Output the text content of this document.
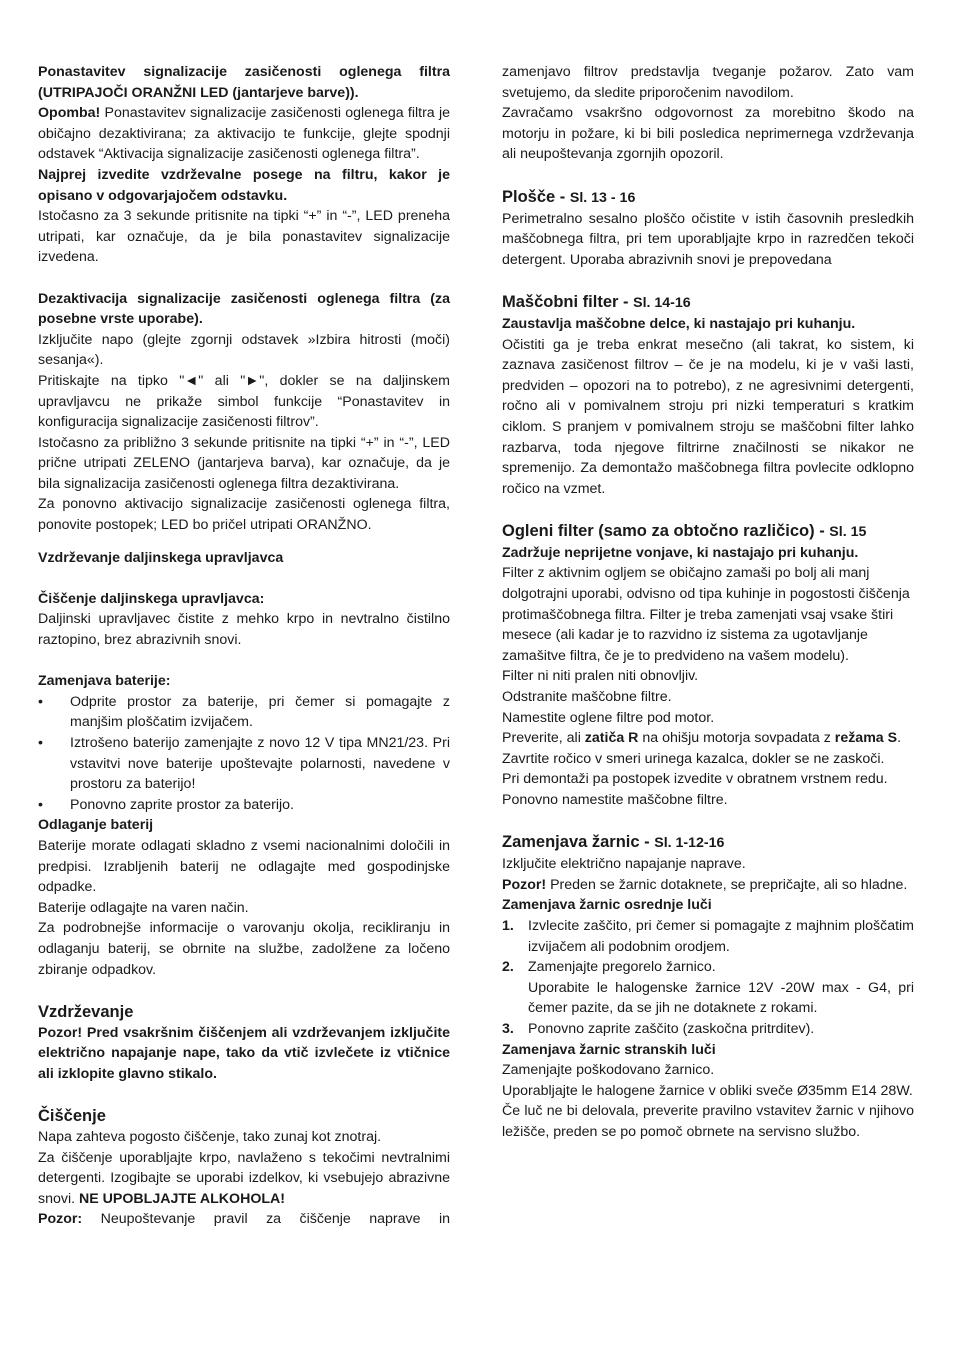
Ponastavitev signalizacije zasičenosti oglenega filtra (UTRIPAJOČI ORANŽNI LED (jantarjeve barve)).

Opomba! Ponastavitev signalizacije zasičenosti oglenega filtra je običajno dezaktivirana; za aktivacijo te funkcije, glejte spodnji odstavek “Aktivacija signalizacije zasičenosti oglenega filtra”.

Najprej izvedite vzdrževalne posege na filtru, kakor je opisano v odgovarjajočem odstavku.

Istočasno za 3 sekunde pritisnite na tipki “+” in “-”, LED preneha utripati, kar označuje, da je bila ponastavitev signalizacije izvedena.

Dezaktivacija signalizacije zasičenosti oglenega filtra (za posebne vrste uporabe).

Izključite napo (glejte zgornji odstavek »Izbira hitrosti (moči) sesanja«).

Pritiskajte na tipko "◄" ali "►", dokler se na daljinskem upravljavcu ne prikaže simbol funkcije “Ponastavitev in konfiguracija signalizacije zasičenosti filtrov”.

Istočasno za približno 3 sekunde pritisnite na tipki “+” in “-”, LED prične utripati ZELENO (jantarjeva barva), kar označuje, da je bila signalizacija zasičenosti oglenega filtra dezaktivirana.

Za ponovno aktivacijo signalizacije zasičenosti oglenega filtra, ponovite postopek; LED bo pričel utripati ORANŽNO.

Vzdrževanje daljinskega upravljavca

Čiščenje daljinskega upravljavca:

Daljinski upravljavec čistite z mehko krpo in nevtralno čistilno raztopino, brez abrazivnih snovi.

Zamenjava baterije:

• Odprite prostor za baterije, pri čemer si pomagajte z manjšim ploščatim izvijačem.
• Iztrošeno baterijo zamenjajte z novo 12 V tipa MN21/23. Pri vstavitvi nove baterije upoštevajte polarnosti, navedene v prostoru za baterijo!
• Ponovno zaprite prostor za baterijo.

Odlaganje baterij

Baterije morate odlagati skladno z vsemi nacionalnimi določili in predpisi. Izrabljenih baterij ne odlagajte med gospodinjske odpadke.

Baterije odlagajte na varen način.

Za podrobnejše informacije o varovanju okolja, recikliranju in odlaganju baterij, se obrnite na službe, zadolžene za ločeno zbiranje odpadkov.

Vzdrževanje

Pozor! Pred vsakršnim čiščenjem ali vzdrževanjem izključite električno napajanje nape, tako da vtič izvlečete iz vtičnice ali izklopite glavno stikalo.

Čiščenje

Napa zahteva pogosto čiščenje, tako zunaj kot znotraj.

Za čiščenje uporabljajte krpo, navlaženo s tekočimi nevtralnimi detergenti. Izogibajte se uporabi izdelkov, ki vsebujejo abrazivne snovi. NE UPOBLJAJTE ALKOHOLA!

Pozor: Neupoštevanje pravil za čiščenje naprave in

zamenjavo filtrov predstavlja tveganje požarov. Zato vam svetujemo, da sledite priporočenim navodilom.

Zavračamo vsakršno odgovornost za morebitno škodo na motorju in požare, ki bi bili posledica neprimernega vzdrževanja ali neupoštevanja zgornjih opozoril.

Plošče - Sl. 13 - 16

Perimetralno sesalno ploščo očistite v istih časovnih presledkih maščobnega filtra, pri tem uporabljajte krpo in razredčen tekoči detergent. Uporaba abrazivnih snovi je prepovedana

Maščobni filter - Sl. 14-16

Zaustavlja maščobne delce, ki nastajajo pri kuhanju.

Očistiti ga je treba enkrat mesečno (ali takrat, ko sistem, ki zaznava zasičenost filtrov – če je na modelu, ki je v vaši lasti, predviden – opozori na to potrebo), z ne agresivnimi detergenti, ročno ali v pomivalnem stroju pri nizki temperaturi s kratkim ciklom. S pranjem v pomivalnem stroju se maščobni filter lahko razbarva, toda njegove filtrirne značilnosti se nikakor ne spremenijo. Za demontažo maščobnega filtra povlecite odklopno ročico na vzmet.

Ogleni filter (samo za obtočno različico) - Sl. 15

Zadržuje neprijetne vonjave, ki nastajajo pri kuhanju.

Filter z aktivnim ogljem se običajno zamaši po bolj ali manj dolgotrajni uporabi, odvisno od tipa kuhinje in pogostosti čiščenja protimaščobnega filtra. Filter je treba zamenjati vsaj vsake štiri mesece (ali kadar je to razvidno iz sistema za ugotavljanje zamašitve filtra, če je to predvideno na vašem modelu).

Filter ni niti pralen niti obnovljiv.

Odstranite maščobne filtre.

Namestite oglene filtre pod motor.

Preverite, ali zatiča R na ohišju motorja sovpadata z režama S. Zavrtite ročico v smeri urinega kazalca, dokler se ne zaskoči.

Pri demontaži pa postopek izvedite v obratnem vrstnem redu.

Ponovno namestite maščobne filtre.

Zamenjava žarnic - Sl. 1-12-16

Izključite električno napajanje naprave.

Pozor! Preden se žarnic dotaknete, se prepričajte, ali so hladne.

Zamenjava žarnic osrednje luči

1. Izvlecite zaščito, pri čemer si pomagajte z majhnim ploščatim izvijačem ali podobnim orodjem.
2. Zamenjajte pregorelo žarnico.
Uporabite le halogenske žarnice 12V -20W max - G4, pri čemer pazite, da se jih ne dotaknete z rokami.
3. Ponovno zaprite zaščito (zaskočna pritrditev).

Zamenjava žarnic stranskih luči

Zamenjajte poškodovano žarnico.

Uporabljajte le halogene žarnice v obliki sveče Ø35mm E14 28W.

Če luč ne bi delovala, preverite pravilno vstavitev žarnic v njihovo ležišče, preden se po pomoč obrnete na servisno službo.
